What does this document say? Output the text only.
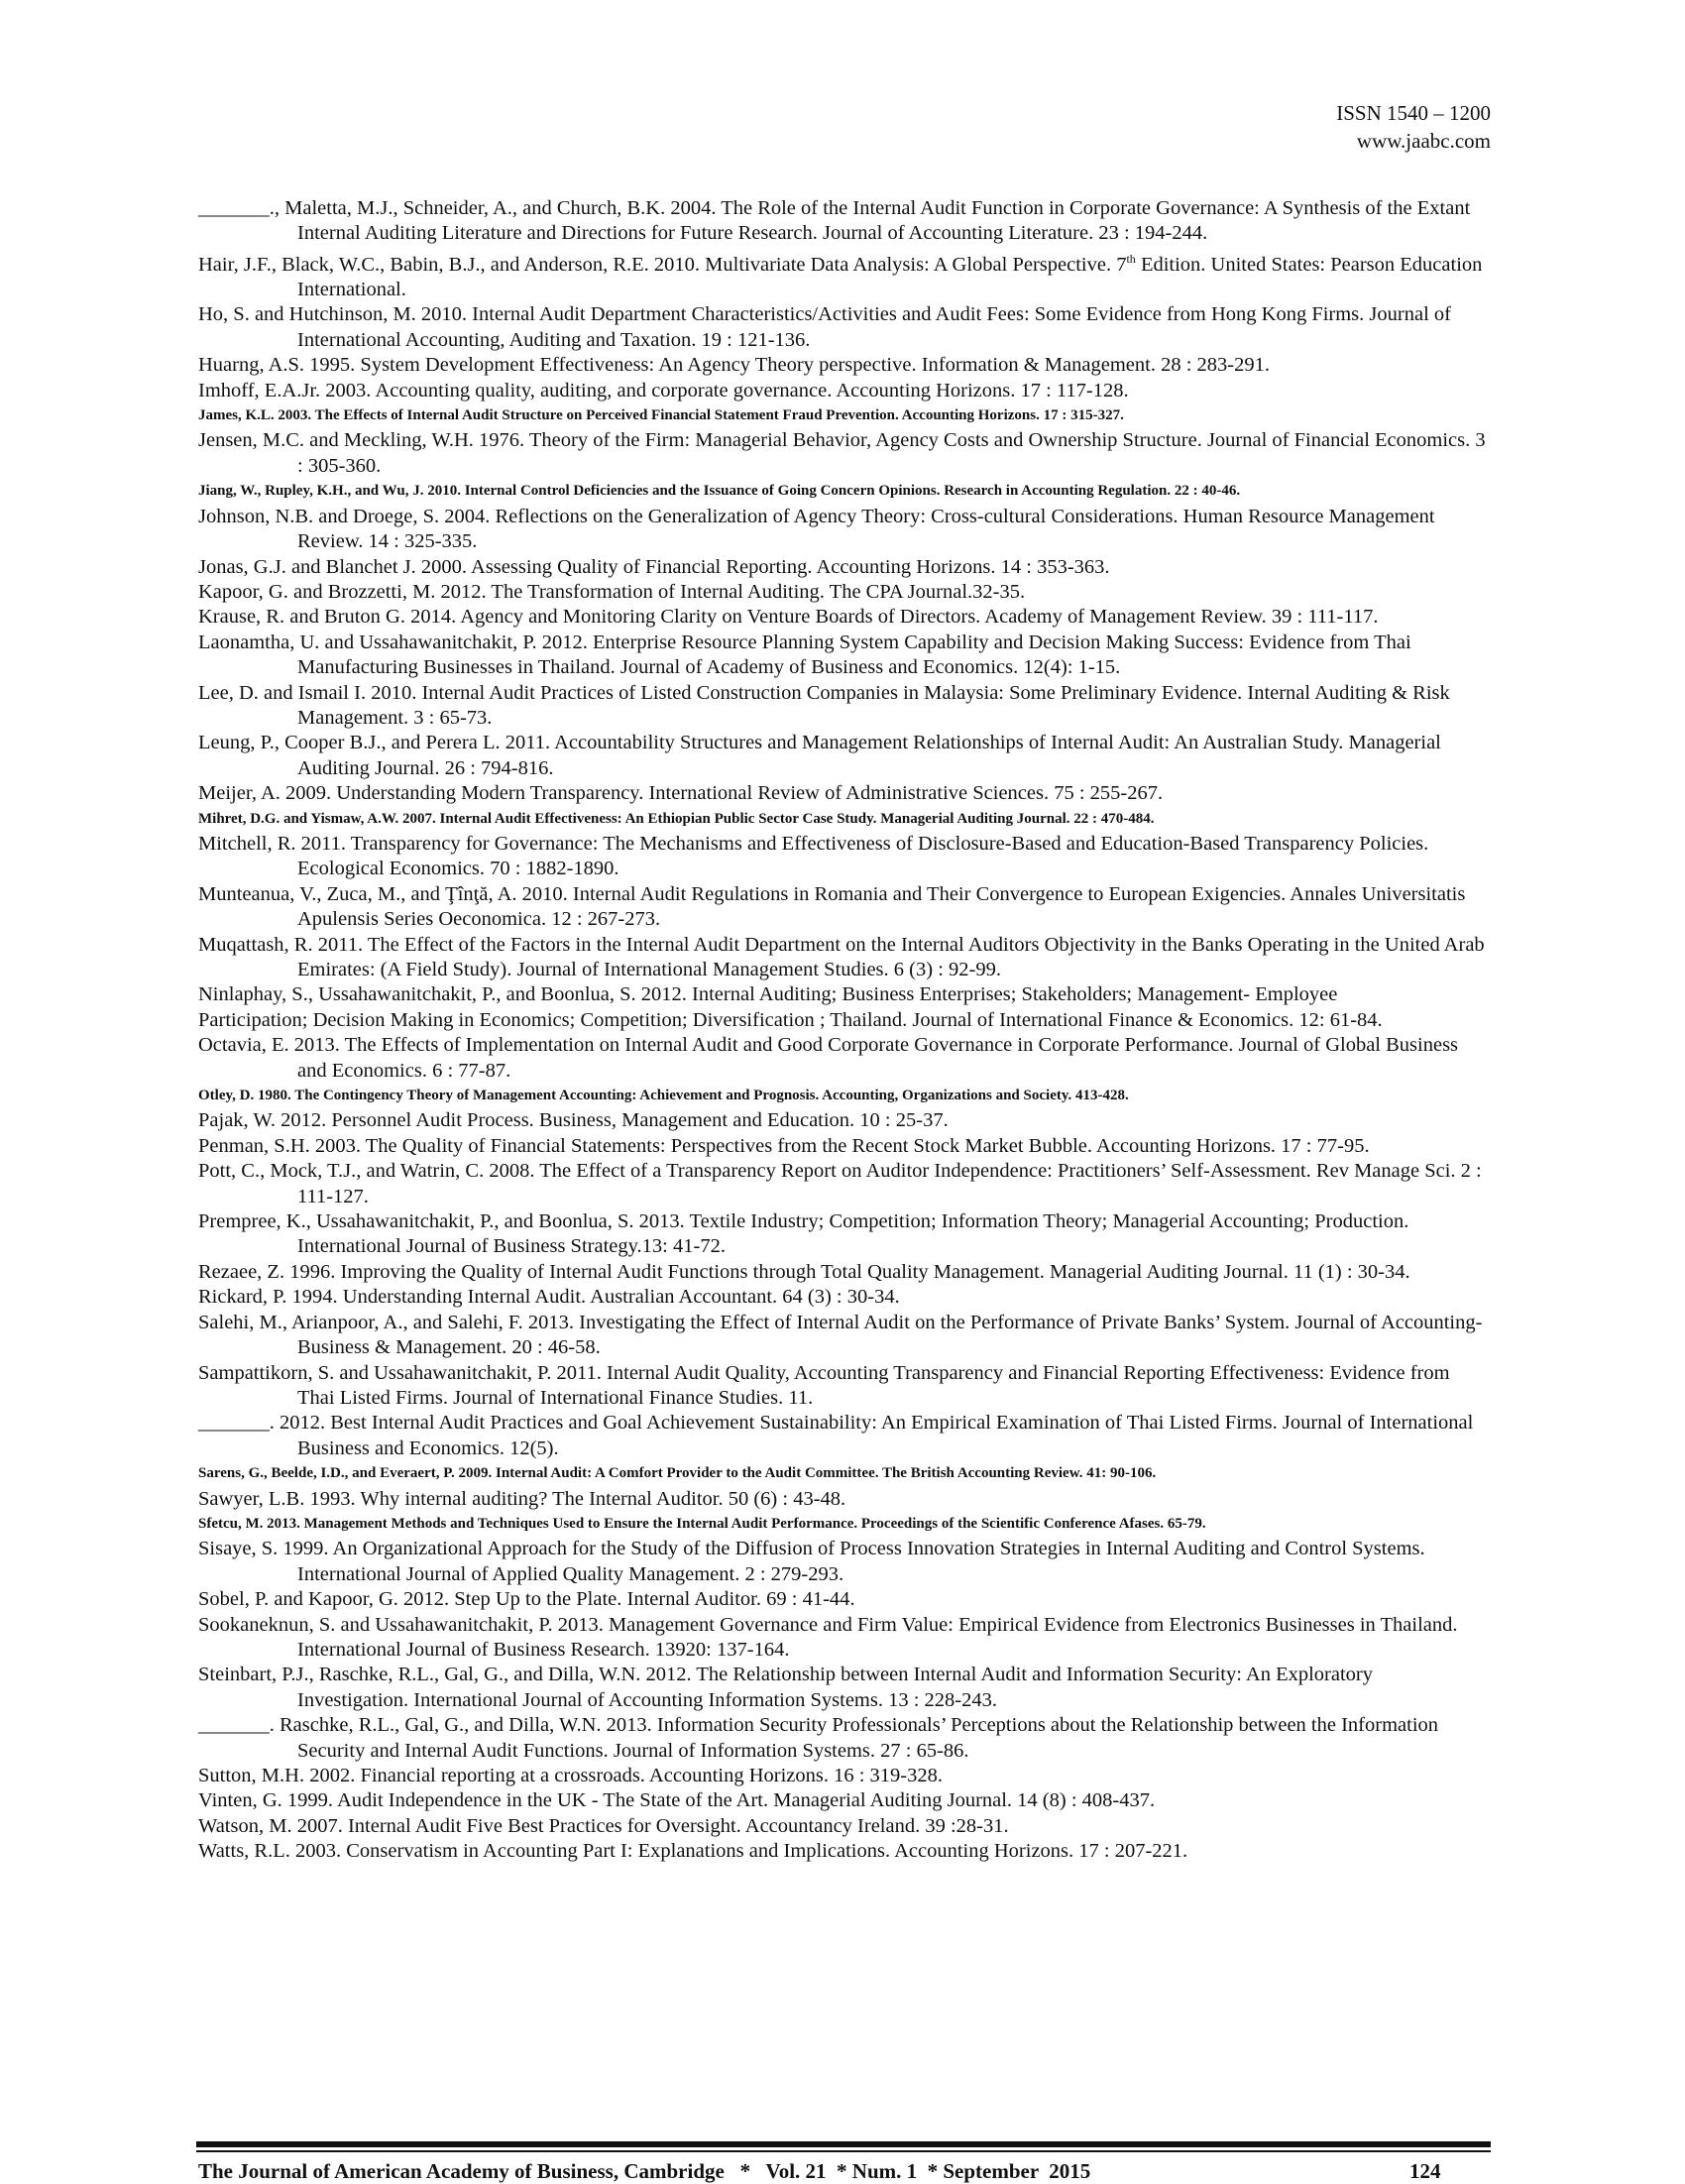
ISSN 1540 – 1200
www.jaabc.com

_______., Maletta, M.J., Schneider, A., and Church, B.K. 2004. The Role of the Internal Audit Function in Corporate Governance: A Synthesis of the Extant Internal Auditing Literature and Directions for Future Research. Journal of Accounting Literature. 23 : 194-244.

Hair, J.F., Black, W.C., Babin, B.J., and Anderson, R.E. 2010. Multivariate Data Analysis: A Global Perspective. 7th Edition. United States: Pearson Education International.

Ho, S. and Hutchinson, M. 2010. Internal Audit Department Characteristics/Activities and Audit Fees: Some Evidence from Hong Kong Firms. Journal of International Accounting, Auditing and Taxation. 19 : 121-136.

Huarng, A.S. 1995. System Development Effectiveness: An Agency Theory perspective. Information & Management. 28 : 283-291.

Imhoff, E.A.Jr. 2003. Accounting quality, auditing, and corporate governance. Accounting Horizons. 17 : 117-128.

James, K.L. 2003. The Effects of Internal Audit Structure on Perceived Financial Statement Fraud Prevention. Accounting Horizons. 17 : 315-327.

Jensen, M.C. and Meckling, W.H. 1976. Theory of the Firm: Managerial Behavior, Agency Costs and Ownership Structure. Journal of Financial Economics. 3 : 305-360.

Jiang, W., Rupley, K.H., and Wu, J. 2010. Internal Control Deficiencies and the Issuance of Going Concern Opinions. Research in Accounting Regulation. 22 : 40-46.

Johnson, N.B. and Droege, S. 2004. Reflections on the Generalization of Agency Theory: Cross-cultural Considerations. Human Resource Management Review. 14 : 325-335.

Jonas, G.J. and Blanchet J. 2000. Assessing Quality of Financial Reporting. Accounting Horizons. 14 : 353-363.

Kapoor, G. and Brozzetti, M. 2012. The Transformation of Internal Auditing. The CPA Journal.32-35.

Krause, R. and Bruton G. 2014. Agency and Monitoring Clarity on Venture Boards of Directors. Academy of Management Review. 39 : 111-117.

Laonamtha, U. and Ussahawanitchakit, P. 2012. Enterprise Resource Planning System Capability and Decision Making Success: Evidence from Thai Manufacturing Businesses in Thailand. Journal of Academy of Business and Economics. 12(4): 1-15.

Lee, D. and Ismail I. 2010. Internal Audit Practices of Listed Construction Companies in Malaysia: Some Preliminary Evidence. Internal Auditing & Risk Management. 3 : 65-73.

Leung, P., Cooper B.J., and Perera L. 2011. Accountability Structures and Management Relationships of Internal Audit: An Australian Study. Managerial Auditing Journal. 26 : 794-816.

Meijer, A. 2009. Understanding Modern Transparency. International Review of Administrative Sciences. 75 : 255-267.

Mihret, D.G. and Yismaw, A.W. 2007. Internal Audit Effectiveness: An Ethiopian Public Sector Case Study. Managerial Auditing Journal. 22 : 470-484.

Mitchell, R. 2011. Transparency for Governance: The Mechanisms and Effectiveness of Disclosure-Based and Education-Based Transparency Policies. Ecological Economics. 70 : 1882-1890.

Munteanua, V., Zuca, M., and Ţînţă, A. 2010. Internal Audit Regulations in Romania and Their Convergence to European Exigencies. Annales Universitatis Apulensis Series Oeconomica. 12 : 267-273.

Muqattash, R. 2011. The Effect of the Factors in the Internal Audit Department on the Internal Auditors Objectivity in the Banks Operating in the United Arab Emirates: (A Field Study). Journal of International Management Studies. 6 (3) : 92-99.

Ninlaphay, S., Ussahawanitchakit, P., and Boonlua, S. 2012. Internal Auditing; Business Enterprises; Stakeholders; Management- Employee

Participation; Decision Making in Economics; Competition; Diversification ; Thailand. Journal of International Finance & Economics. 12: 61-84.

Octavia, E. 2013. The Effects of Implementation on Internal Audit and Good Corporate Governance in Corporate Performance. Journal of Global Business and Economics. 6 : 77-87.

Otley, D. 1980. The Contingency Theory of Management Accounting: Achievement and Prognosis. Accounting, Organizations and Society. 413-428.

Pajak, W. 2012. Personnel Audit Process. Business, Management and Education. 10 : 25-37.

Penman, S.H. 2003. The Quality of Financial Statements: Perspectives from the Recent Stock Market Bubble. Accounting Horizons. 17 : 77-95.

Pott, C., Mock, T.J., and Watrin, C. 2008. The Effect of a Transparency Report on Auditor Independence: Practitioners’ Self-Assessment. Rev Manage Sci. 2 : 111-127.

Prempree, K., Ussahawanitchakit, P., and Boonlua, S. 2013. Textile Industry; Competition; Information Theory; Managerial Accounting; Production. International Journal of Business Strategy.13: 41-72.

Rezaee, Z. 1996. Improving the Quality of Internal Audit Functions through Total Quality Management. Managerial Auditing Journal. 11 (1) : 30-34.

Rickard, P. 1994. Understanding Internal Audit. Australian Accountant. 64 (3) : 30-34.

Salehi, M., Arianpoor, A., and Salehi, F. 2013. Investigating the Effect of Internal Audit on the Performance of Private Banks’ System. Journal of Accounting-Business & Management. 20 : 46-58.

Sampattikorn, S. and Ussahawanitchakit, P. 2011. Internal Audit Quality, Accounting Transparency and Financial Reporting Effectiveness: Evidence from Thai Listed Firms. Journal of International Finance Studies. 11.

_______. 2012. Best Internal Audit Practices and Goal Achievement Sustainability: An Empirical Examination of Thai Listed Firms. Journal of International Business and Economics. 12(5).

Sarens, G., Beelde, I.D., and Everaert, P. 2009. Internal Audit: A Comfort Provider to the Audit Committee. The British Accounting Review. 41: 90-106.

Sawyer, L.B. 1993. Why internal auditing? The Internal Auditor. 50 (6) : 43-48.

Sfetcu, M. 2013. Management Methods and Techniques Used to Ensure the Internal Audit Performance. Proceedings of the Scientific Conference Afases. 65-79.

Sisaye, S. 1999. An Organizational Approach for the Study of the Diffusion of Process Innovation Strategies in Internal Auditing and Control Systems. International Journal of Applied Quality Management. 2 : 279-293.

Sobel, P. and Kapoor, G. 2012. Step Up to the Plate. Internal Auditor. 69 : 41-44.

Sookaneknun, S. and Ussahawanitchakit, P. 2013. Management Governance and Firm Value: Empirical Evidence from Electronics Businesses in Thailand. International Journal of Business Research. 13920: 137-164.

Steinbart, P.J., Raschke, R.L., Gal, G., and Dilla, W.N. 2012. The Relationship between Internal Audit and Information Security: An Exploratory Investigation. International Journal of Accounting Information Systems. 13 : 228-243.

_______. Raschke, R.L., Gal, G., and Dilla, W.N. 2013. Information Security Professionals’ Perceptions about the Relationship between the Information Security and Internal Audit Functions. Journal of Information Systems. 27 : 65-86.

Sutton, M.H. 2002. Financial reporting at a crossroads. Accounting Horizons. 16 : 319-328.

Vinten, G. 1999. Audit Independence in the UK - The State of the Art. Managerial Auditing Journal. 14 (8) : 408-437.

Watson, M. 2007. Internal Audit Five Best Practices for Oversight. Accountancy Ireland. 39 :28-31.

Watts, R.L. 2003. Conservatism in Accounting Part I: Explanations and Implications. Accounting Horizons. 17 : 207-221.

The Journal of American Academy of Business, Cambridge   *   Vol. 21  * Num. 1  * September  2015	124
